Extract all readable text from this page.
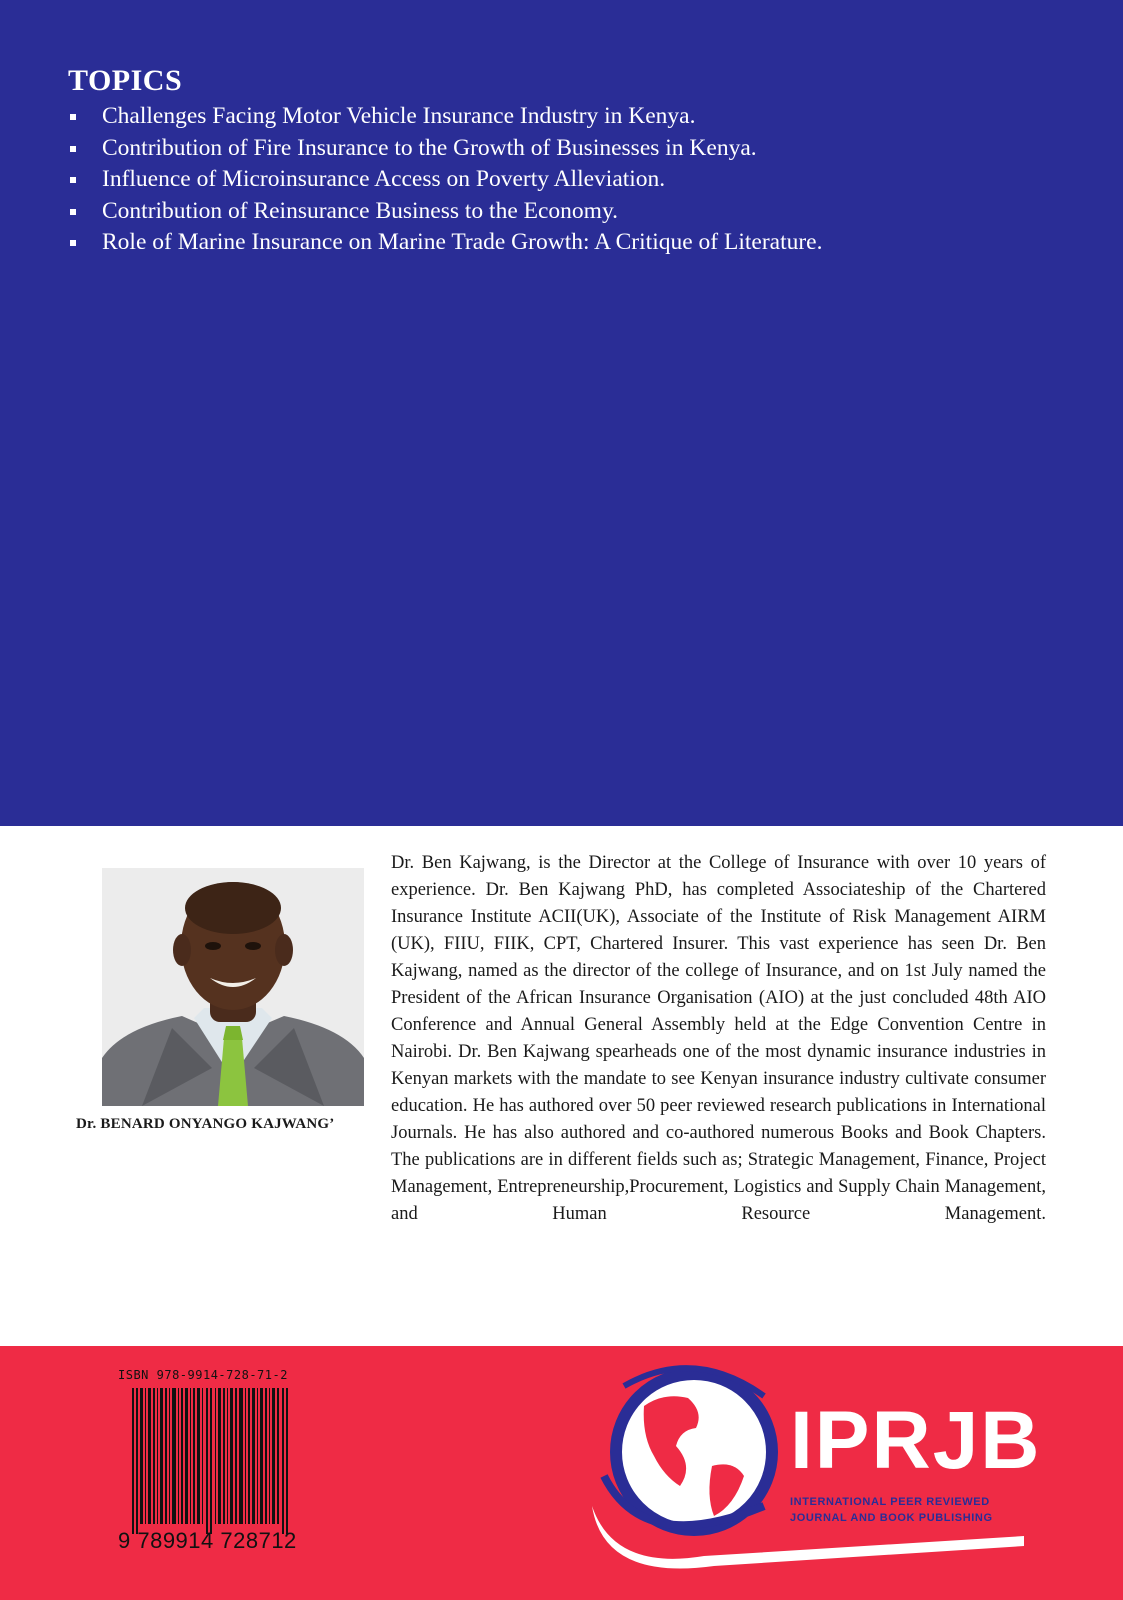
TOPICS
Challenges Facing Motor Vehicle Insurance Industry in Kenya.
Contribution of Fire Insurance to the Growth of Businesses in Kenya.
Influence of Microinsurance Access on Poverty Alleviation.
Contribution of Reinsurance Business to the Economy.
Role of Marine Insurance on Marine Trade Growth: A Critique of Literature.
Dr. BENARD ONYANGO KAJWANG’

Dr. Ben Kajwang, is the Director at the College of Insurance with over 10 years of experience. Dr. Ben Kajwang PhD, has completed Associateship of the Chartered Insurance Institute ACII(UK), Associate of the Institute of Risk Management AIRM (UK), FIIU, FIIK, CPT, Chartered Insurer. This vast experience has seen Dr. Ben Kajwang, named as the director of the college of Insurance, and on 1st July named the President of the African Insurance Organisation (AIO) at the just concluded 48th AIO Conference and Annual General Assembly held at the Edge Convention Centre in Nairobi. Dr. Ben Kajwang spearheads one of the most dynamic insurance industries in Kenyan markets with the mandate to see Kenyan insurance industry cultivate consumer education. He has authored over 50 peer reviewed research publications in International Journals. He has also authored and co-authored numerous Books and Book Chapters. The publications are in different fields such as; Strategic Management, Finance, Project Management, Entrepreneurship,Procurement, Logistics and Supply Chain Management, and Human Resource Management.

ISBN 978-9914-728-71-2
9 789914 728712
IPRJB
INTERNATIONAL PEER REVIEWED
JOURNAL AND BOOK PUBLISHING
